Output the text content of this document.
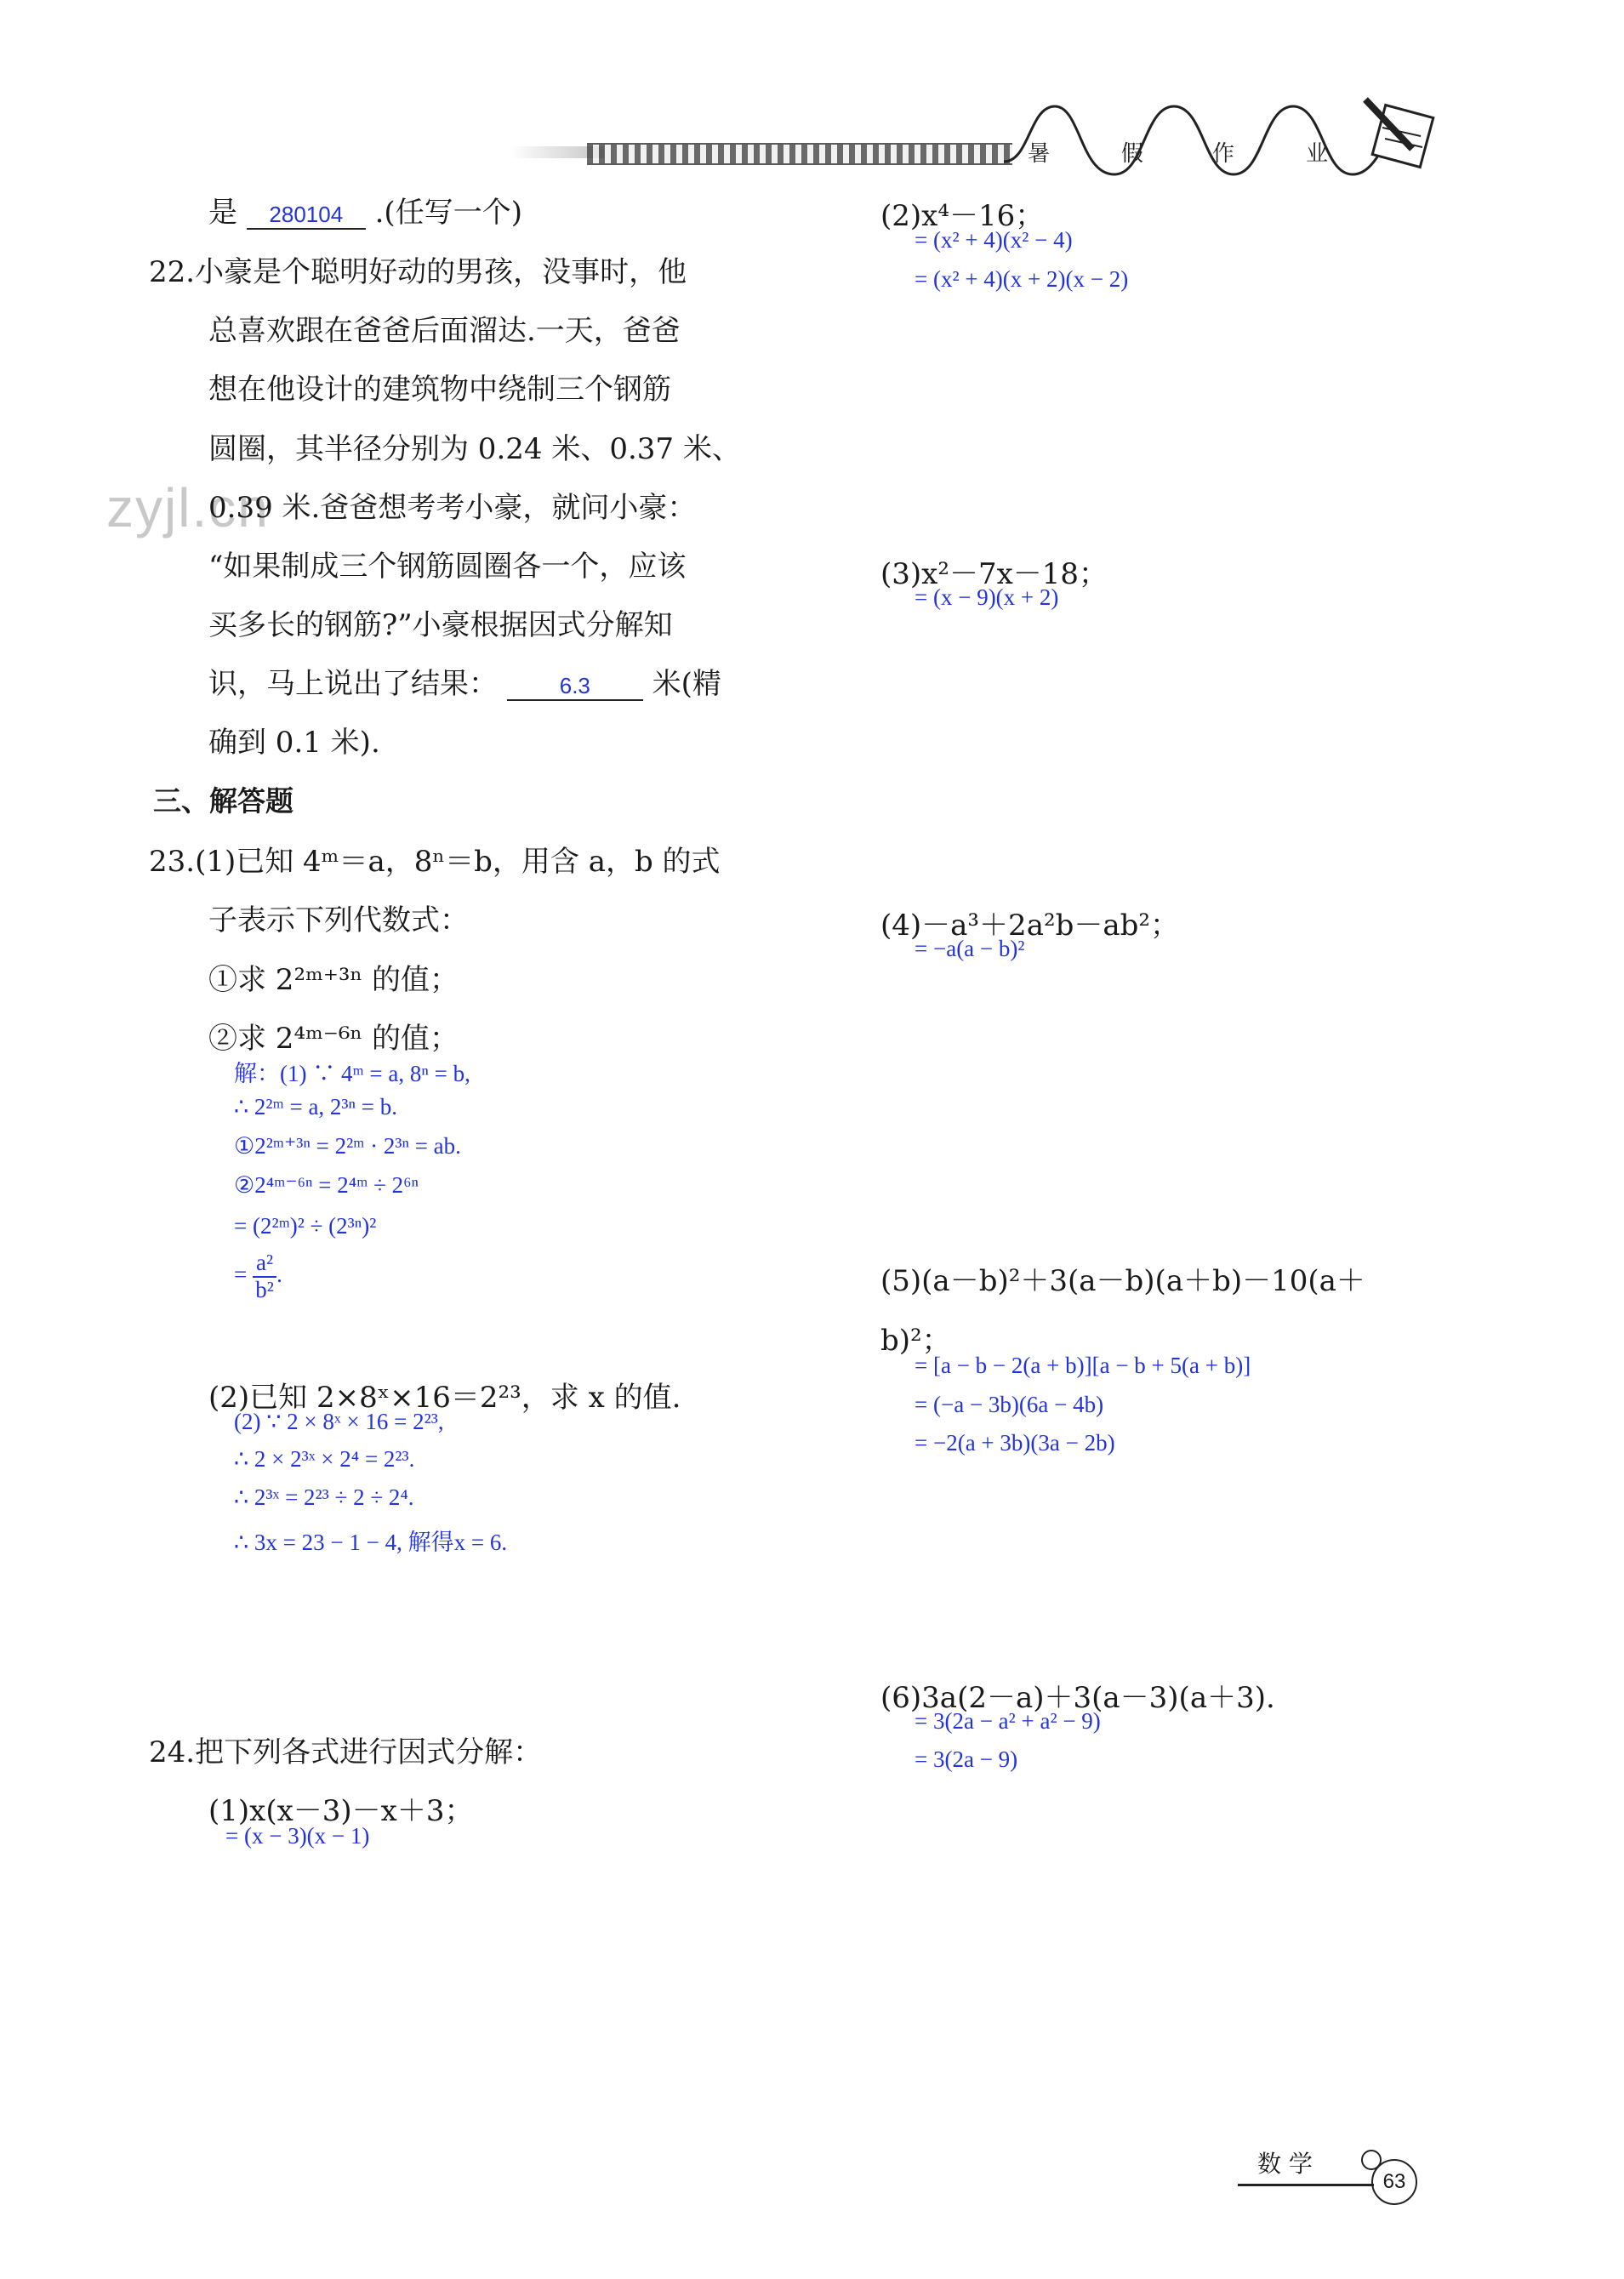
暑	假	作	业
zyjl.cn
是 280104 .(任写一个)
22.小豪是个聪明好动的男孩，没事时，他
总喜欢跟在爸爸后面溜达.一天，爸爸
想在他设计的建筑物中绕制三个钢筋
圆圈，其半径分别为 0.24 米、0.37 米、
0.39 米.爸爸想考考小豪，就问小豪：
“如果制成三个钢筋圆圈各一个，应该
买多长的钢筋?”小豪根据因式分解知
识，马上说出了结果：	6.3 米(精
确到 0.1 米).
三、解答题
23.(1)已知 4ᵐ＝a，8ⁿ＝b，用含 a，b 的式
子表示下列代数式：
①求 2²ᵐ⁺³ⁿ 的值；
②求 2⁴ᵐ⁻⁶ⁿ 的值；
解：(1) ∵ 4ᵐ = a, 8ⁿ = b,
∴ 2²ᵐ = a, 2³ⁿ = b.
①2²ᵐ⁺³ⁿ = 2²ᵐ · 2³ⁿ = ab.
②2⁴ᵐ⁻⁶ⁿ = 2⁴ᵐ ÷ 2⁶ⁿ
= (2²ᵐ)² ÷ (2³ⁿ)²
= $\frac{\text{a²}}{\text{b²}}$ .
(2)已知 2×8ˣ×16＝2²³，求 x 的值.
(2) ∵ 2 × 8ˣ × 16 = 2²³,
∴ 2 × 2³ˣ × 2⁴ = 2²³.
∴ 2³ˣ = 2²³ ÷ 2 ÷ 2⁴.
∴ 3x = 23 − 1 − 4, 解得x = 6.
24.把下列各式进行因式分解：
(1)x(x－3)－x＋3；
= (x − 3)(x − 1)
(2)x⁴－16；
= (x² + 4)(x² − 4)
= (x² + 4)(x + 2)(x − 2)
(3)x²－7x－18；
= (x − 9)(x + 2)
(4)－a³＋2a²b－ab²；
= −a(a − b)²
(5)(a－b)²＋3(a－b)(a＋b)－10(a＋
b)²；
= [a − b − 2(a + b)][a − b + 5(a + b)]
= (−a − 3b)(6a − 4b)
= −2(a + 3b)(3a − 2b)
(6)3a(2－a)＋3(a－3)(a＋3).
= 3(2a − a² + a² − 9)
= 3(2a − 9)
数 学
63
